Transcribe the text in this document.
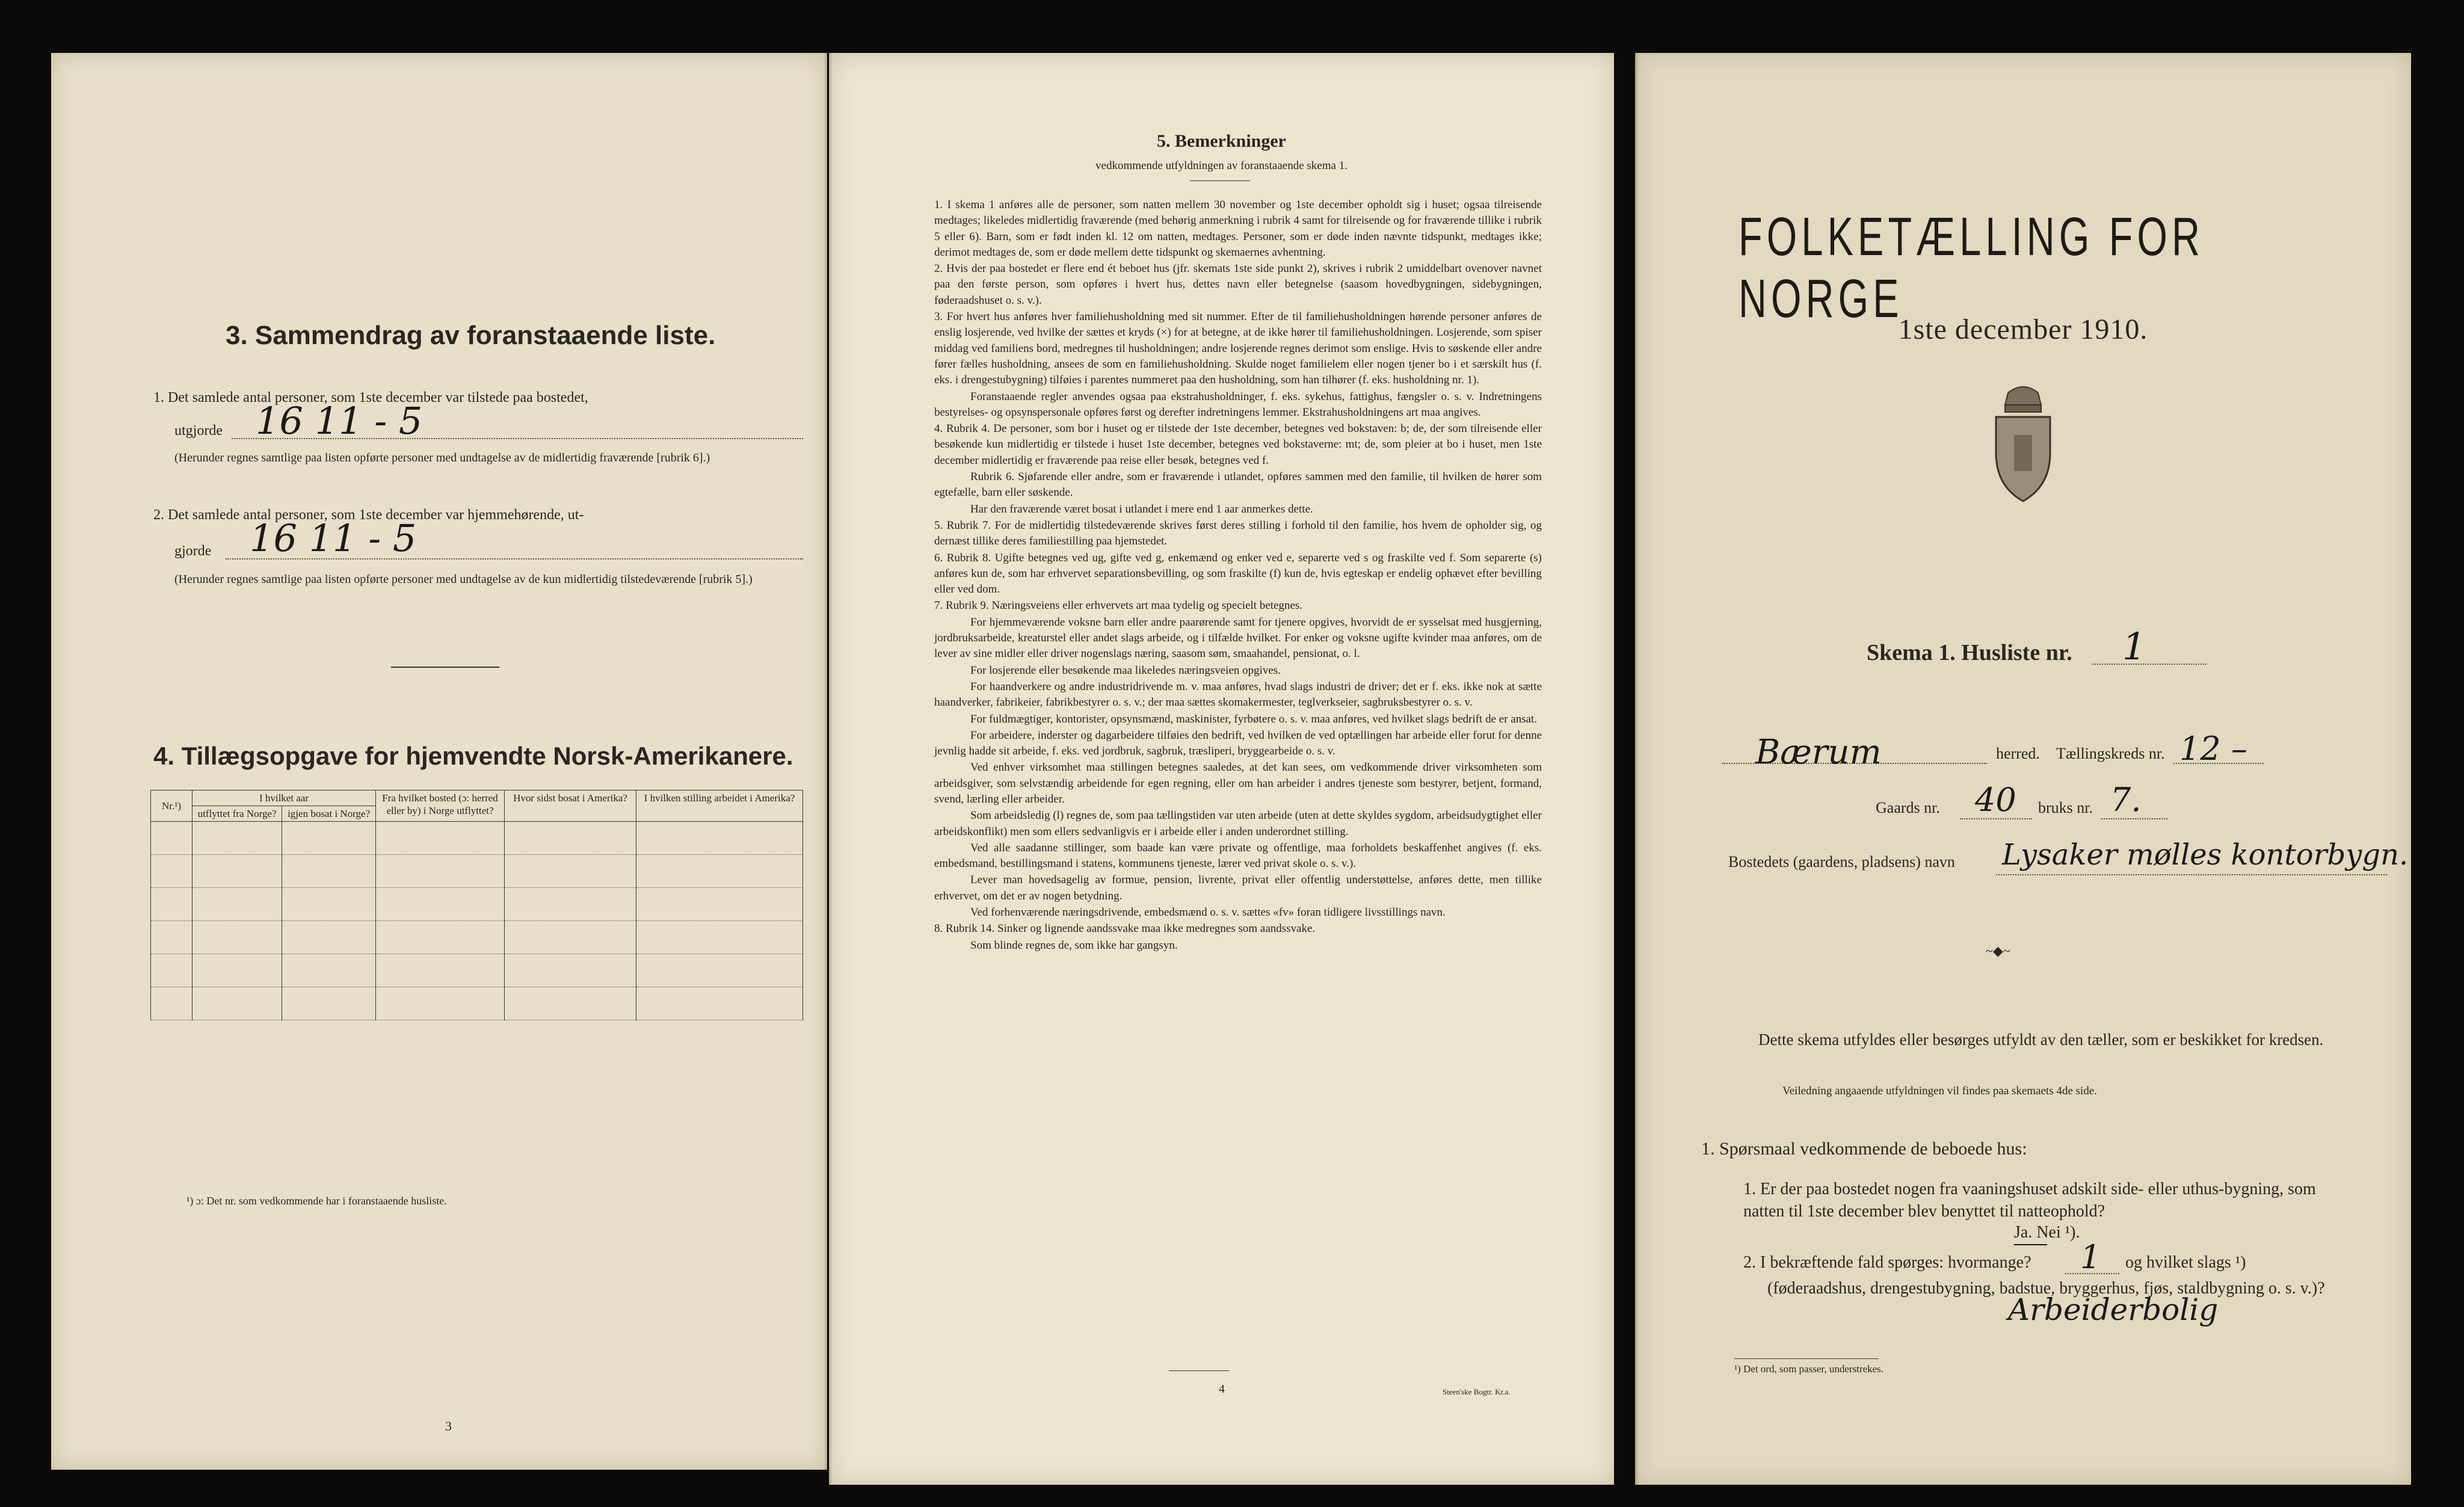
3. Sammendrag av foranstaaende liste.
1. Det samlede antal personer, som 1ste december var tilstede paa bostedet,
utgjorde 16 11 - 5
(Herunder regnes samtlige paa listen opførte personer med undtagelse av de midlertidig fraværende [rubrik 6].)
2. Det samlede antal personer, som 1ste december var hjemmehørende, ut-
gjorde 16 11 - 5
(Herunder regnes samtlige paa listen opførte personer med undtagelse av de kun midlertidig tilstedeværende [rubrik 5].)
4. Tillægsopgave for hjemvendte Norsk-Amerikanere.
Nr.¹)	I hvilket aar		Fra hvilket bosted (ɔ: herred eller by) i Norge utflyttet?	Hvor sidst bosat i Amerika?	I hvilken stilling arbeidet i Amerika?
	utflyttet fra Norge?	igjen bosat i Norge?			

¹) ɔ: Det nr. som vedkommende har i foranstaaende husliste.
3
5. Bemerkninger
vedkommende utfyldningen av foranstaaende skema 1.

1. I skema 1 anføres alle de personer, som natten mellem 30 november og 1ste december opholdt sig i huset; ogsaa tilreisende medtages; likeledes midlertidig fraværende (med behørig anmerkning i rubrik 4 samt for tilreisende og for fraværende tillike i rubrik 5 eller 6). Barn, som er født inden kl. 12 om natten, medtages. Personer, som er døde inden nævnte tidspunkt, medtages ikke; derimot medtages de, som er døde mellem dette tidspunkt og skemaernes avhentning.

2. Hvis der paa bostedet er flere end ét beboet hus (jfr. skemats 1ste side punkt 2), skrives i rubrik 2 umiddelbart ovenover navnet paa den første person, som opføres i hvert hus, dettes navn eller betegnelse (saasom hovedbygningen, sidebygningen, føderaadshuset o. s. v.).

3. For hvert hus anføres hver familiehusholdning med sit nummer. Efter de til familiehusholdningen hørende personer anføres de enslig losjerende, ved hvilke der sættes et kryds (×) for at betegne, at de ikke hører til familiehusholdningen. Losjerende, som spiser middag ved familiens bord, medregnes til husholdningen; andre losjerende regnes derimot som enslige. Hvis to søskende eller andre fører fælles husholdning, ansees de som en familiehusholdning. Skulde noget familielem eller nogen tjener bo i et særskilt hus (f. eks. i drengestubygning) tilføies i parentes nummeret paa den husholdning, som han tilhører (f. eks. husholdning nr. 1).

Foranstaaende regler anvendes ogsaa paa ekstrahusholdninger, f. eks. sykehus, fattighus, fængsler o. s. v. Indretningens bestyrelses- og opsynspersonale opføres først og derefter indretningens lemmer. Ekstrahusholdningens art maa angives.

4. Rubrik 4. De personer, som bor i huset og er tilstede der 1ste december, betegnes ved bokstaven: b; de, der som tilreisende eller besøkende kun midlertidig er tilstede i huset 1ste december, betegnes ved bokstaverne: mt; de, som pleier at bo i huset, men 1ste december midlertidig er fraværende paa reise eller besøk, betegnes ved f.

Rubrik 6. Sjøfarende eller andre, som er fraværende i utlandet, opføres sammen med den familie, til hvilken de hører som egtefælle, barn eller søskende.

Har den fraværende været bosat i utlandet i mere end 1 aar anmerkes dette.

5. Rubrik 7. For de midlertidig tilstedeværende skrives først deres stilling i forhold til den familie, hos hvem de opholder sig, og dernæst tillike deres familiestilling paa hjemstedet.

6. Rubrik 8. Ugifte betegnes ved ug, gifte ved g, enkemænd og enker ved e, separerte ved s og fraskilte ved f. Som separerte (s) anføres kun de, som har erhvervet separationsbevilling, og som fraskilte (f) kun de, hvis egteskap er endelig ophævet efter bevilling eller ved dom.

7. Rubrik 9. Næringsveiens eller erhvervets art maa tydelig og specielt betegnes.

For hjemmeværende voksne barn eller andre paarørende samt for tjenere opgives, hvorvidt de er sysselsat med husgjerning, jordbruksarbeide, kreaturstel eller andet slags arbeide, og i tilfælde hvilket. For enker og voksne ugifte kvinder maa anføres, om de lever av sine midler eller driver nogenslags næring, saasom søm, smaahandel, pensionat, o. l.

For losjerende eller besøkende maa likeledes næringsveien opgives.

For haandverkere og andre industridrivende m. v. maa anføres, hvad slags industri de driver; det er f. eks. ikke nok at sætte haandverker, fabrikeier, fabrikbestyrer o. s. v.; der maa sættes skomakermester, teglverkseier, sagbruksbestyrer o. s. v.

For fuldmægtiger, kontorister, opsynsmænd, maskinister, fyrbøtere o. s. v. maa anføres, ved hvilket slags bedrift de er ansat.

For arbeidere, inderster og dagarbeidere tilføies den bedrift, ved hvilken de ved optællingen har arbeide eller forut for denne jevnlig hadde sit arbeide, f. eks. ved jordbruk, sagbruk, træsliperi, bryggearbeide o. s. v.

Ved enhver virksomhet maa stillingen betegnes saaledes, at det kan sees, om vedkommende driver virksomheten som arbeidsgiver, som selvstændig arbeidende for egen regning, eller om han arbeider i andres tjeneste som bestyrer, betjent, formand, svend, lærling eller arbeider.

Som arbeidsledig (l) regnes de, som paa tællingstiden var uten arbeide (uten at dette skyldes sygdom, arbeidsudygtighet eller arbeidskonflikt) men som ellers sedvanligvis er i arbeide eller i anden underordnet stilling.

Ved alle saadanne stillinger, som baade kan være private og offentlige, maa forholdets beskaffenhet angives (f. eks. embedsmand, bestillingsmand i statens, kommunens tjeneste, lærer ved privat skole o. s. v.).

Lever man hovedsagelig av formue, pension, livrente, privat eller offentlig understøttelse, anføres dette, men tillike erhvervet, om det er av nogen betydning.

Ved forhenværende næringsdrivende, embedsmænd o. s. v. sættes «fv» foran tidligere livsstillings navn.

8. Rubrik 14. Sinker og lignende aandssvake maa ikke medregnes som aandssvake.

Som blinde regnes de, som ikke har gangsyn.

4	Steen'ske Bogtr. Kr.a.
FOLKETÆLLING FOR NORGE
1ste december 1910.
Skema 1. Husliste nr. 1
Bærum	herred. Tællingskreds nr. 12 –
Gaards nr. 40 bruks nr. 7.
Bostedets (gaardens, pladsens) navn Lysaker mølles kontorbygn.
~◆~
Dette skema utfyldes eller besørges utfyldt av den tæller, som er beskikket for kredsen.
Veiledning angaaende utfyldningen vil findes paa skemaets 4de side.
1. Spørsmaal vedkommende de beboede hus:
1. Er der paa bostedet nogen fra vaaningshuset adskilt side- eller uthus-bygning, som natten til 1ste december blev benyttet til natteophold?
Ja. Nei ¹).
2. I bekræftende fald spørges: hvormange? 1 og hvilket slags ¹)
(føderaadshus, drengestubygning, badstue, bryggerhus, fjøs, staldbygning o. s. v.)?
Arbeiderbolig
¹) Det ord, som passer, understrekes.
